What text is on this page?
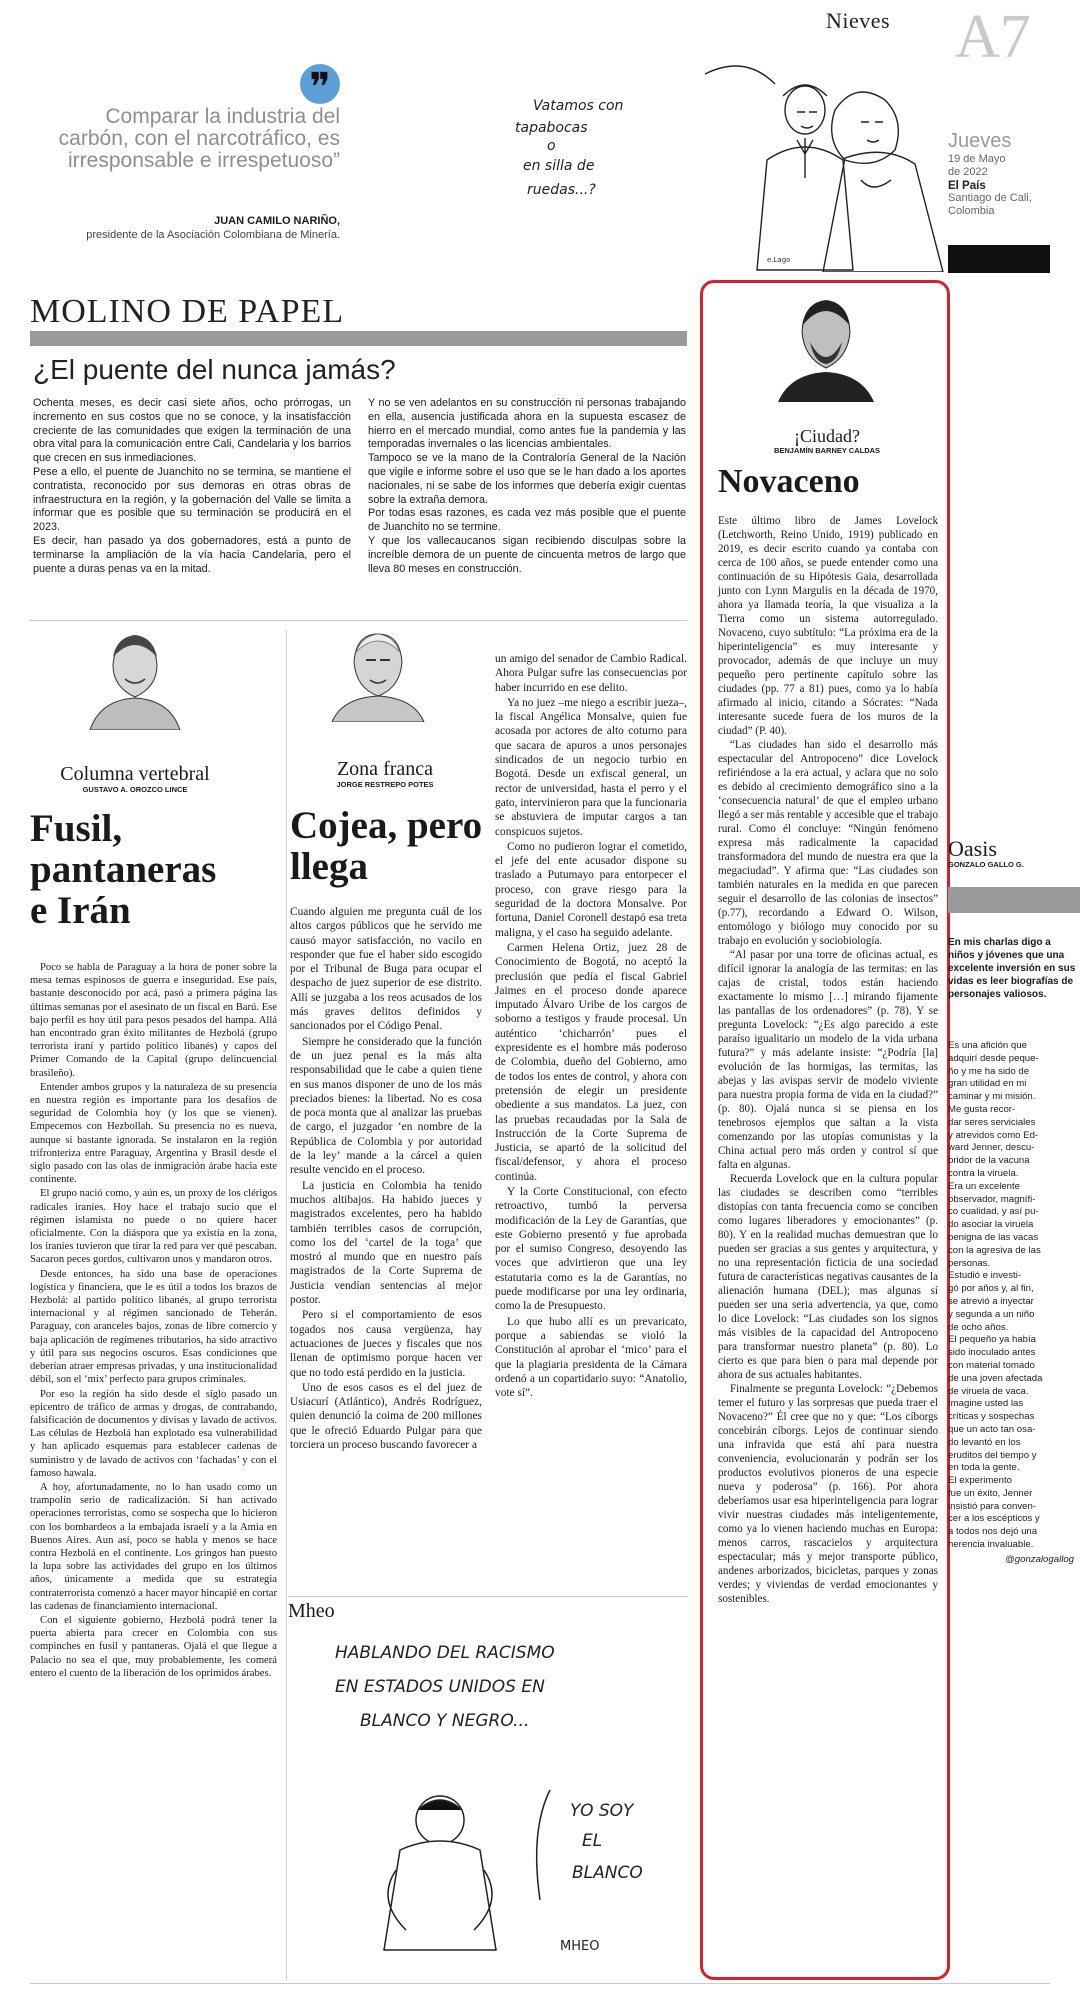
Nieves A7
Jueves
19 de Mayo
de 2022
El País
Santiago de Cali,
Colombia
❞
Comparar la industria del carbón, con el narcotráfico, es irresponsable e irrespetuoso”
JUAN CAMILO NARIÑO,
presidente de la Asociación Colombiana de Minería.
Vatamos con
tapabocas
o
en silla de
ruedas...?
e.Lago
MOLINO DE PAPEL
¿El puente del nunca jamás?

Ochenta meses, es decir casi siete años, ocho prórrogas, un incremento en sus costos que no se conoce, y la insatisfacción creciente de las comunidades que exigen la terminación de una obra vital para la comunicación entre Cali, Candelaria y los barrios que crecen en sus inmediaciones.

Pese a ello, el puente de Juanchito no se termina, se mantiene el contratista, reconocido por sus demoras en otras obras de infraestructura en la región, y la gobernación del Valle se limita a informar que es posible que su terminación se producirá en el 2023.

Es decir, han pasado ya dos gobernadores, está a punto de terminarse la ampliación de la vía hacia Candelaria, pero el puente a duras penas va en la mitad.

Y no se ven adelantos en su construcción ni personas trabajando en ella, ausencia justificada ahora en la supuesta escasez de hierro en el mercado mundial, como antes fue la pandemia y las temporadas invernales o las licencias ambientales.

Tampoco se ve la mano de la Contraloría General de la Nación que vigile e informe sobre el uso que se le han dado a los aportes nacionales, ni se sabe de los informes que debería exigir cuentas sobre la extraña demora.

Por todas esas razones, es cada vez más posible que el puente de Juanchito no se termine.

Y que los vallecaucanos sigan recibiendo disculpas sobre la increíble demora de un puente de cincuenta metros de largo que lleva 80 meses en construcción.

Columna vertebral
GUSTAVO A. OROZCO LINCE
Fusil, pantaneras e Irán

Poco se habla de Paraguay a la hora de poner sobre la mesa temas espinosos de guerra e inseguridad. Ese país, bastante desconocido por acá, pasó a primera página las últimas semanas por el asesinato de un fiscal en Barú. Ese bajo perfil es hoy útil para pesos pesados del hampa. Allá han encontrado gran éxito militantes de Hezbolá (grupo terrorista iraní y partido político libanés) y capos del Primer Comando de la Capital (grupo delincuencial brasileño).

Entender ambos grupos y la naturaleza de su presencia en nuestra región es importante para los desafíos de seguridad de Colombia hoy (y los que se vienen). Empecemos con Hezbollah. Su presencia no es nueva, aunque sí bastante ignorada. Se instalaron en la región trifronteriza entre Paraguay, Argentina y Brasil desde el siglo pasado con las olas de inmigración árabe hacia este continente.

El grupo nació como, y aún es, un proxy de los clérigos radicales iraníes. Hoy hace el trabajo sucio que el régimen islamista no puede o no quiere hacer oficialmente. Con la diáspora que ya existía en la zona, los iraníes tuvieron que tirar la red para ver qué pescaban. Sacaron peces gordos, cultivaron unos y mandaron otros.

Desde entonces, ha sido una base de operaciones logística y financiera, que le es útil a todos los brazos de Hezbolá: al partido político libanés, al grupo terrorista internacional y al régimen sancionado de Teherán. Paraguay, con aranceles bajos, zonas de libre comercio y baja aplicación de regímenes tributarios, ha sido atractivo y útil para sus negocios oscuros. Esas condiciones que deberían atraer empresas privadas, y una institucionalidad débil, son el ‘mix’ perfecto para grupos criminales.

Por eso la región ha sido desde el siglo pasado un epicentro de tráfico de armas y drogas, de contrabando, falsificación de documentos y divisas y lavado de activos. Las células de Hezbolá han explotado esa vulnerabilidad y han aplicado esquemas para establecer cadenas de suministro y de lavado de activos con ‘fachadas’ y con el famoso hawala.

A hoy, afortunadamente, no lo han usado como un trampolín serio de radicalización. Si han activado operaciones terroristas, como se sospecha que lo hicieron con los bombardeos a la embajada israelí y a la Amia en Buenos Aires. Aun así, poco se habla y menos se hace contra Hezbolá en el continente. Los gringos han puesto la lupa sobre las actividades del grupo en los últimos años, únicamente a medida que su estrategia contraterrorista comenzó a hacer mayor hincapié en cortar las cadenas de financiamiento internacional.

Con el siguiente gobierno, Hezbolá podrá tener la puerta abierta para crecer en Colombia con sus compinches en fusil y pantaneras. Ojalá el que llegue a Palacio no sea el que, muy probablemente, les comerá entero el cuento de la liberación de los oprimidos árabes.

Zona franca
JORGE RESTREPO POTES
Cojea, pero llega

Cuando alguien me pregunta cuál de los altos cargos públicos que he servido me causó mayor satisfacción, no vacilo en responder que fue el haber sido escogido por el Tribunal de Buga para ocupar el despacho de juez superior de ese distrito. Allí se juzgaba a los reos acusados de los más graves delitos definidos y sancionados por el Código Penal.

Siempre he considerado que la función de un juez penal es la más alta responsabilidad que le cabe a quien tiene en sus manos disponer de uno de los más preciados bienes: la libertad. No es cosa de poca monta que al analizar las pruebas de cargo, el juzgador ‘en nombre de la República de Colombia y por autoridad de la ley’ mande a la cárcel a quien resulte vencido en el proceso.

La justicia en Colombia ha tenido muchos altibajos. Ha habido jueces y magistrados excelentes, pero ha habido también terribles casos de corrupción, como los del ‘cartel de la toga’ que mostró al mundo que en nuestro país magistrados de la Corte Suprema de Justicia vendían sentencias al mejor postor.

Pero si el comportamiento de esos togados nos causa vergüenza, hay actuaciones de jueces y fiscales que nos llenan de optimismo porque hacen ver que no todo está perdido en la justicia.

Uno de esos casos es el del juez de Usiacurí (Atlántico), Andrés Rodríguez, quien denunció la coima de 200 millones que le ofreció Eduardo Pulgar para que torciera un proceso buscando favorecer a

un amigo del senador de Cambio Radical. Ahora Pulgar sufre las consecuencias por haber incurrido en ese delito.

Ya no juez –me niego a escribir jueza–, la fiscal Angélica Monsalve, quien fue acosada por actores de alto coturno para que sacara de apuros a unos personajes sindicados de un negocio turbio en Bogotá. Desde un exfiscal general, un rector de universidad, hasta el perro y el gato, intervinieron para que la funcionaria se abstuviera de imputar cargos a tan conspicuos sujetos.

Como no pudieron lograr el cometido, el jefe del ente acusador dispone su traslado a Putumayo para entorpecer el proceso, con grave riesgo para la seguridad de la doctora Monsalve. Por fortuna, Daniel Coronell destapó esa treta maligna, y el caso ha seguido adelante.

Carmen Helena Ortiz, juez 28 de Conocimiento de Bogotá, no aceptó la preclusión que pedía el fiscal Gabriel Jaimes en el proceso donde aparece imputado Álvaro Uribe de los cargos de soborno a testigos y fraude procesal. Un auténtico ‘chicharrón’ pues el expresidente es el hombre más poderoso de Colombia, dueño del Gobierno, amo de todos los entes de control, y ahora con pretensión de elegir un presidente obediente a sus mandatos. La juez, con las pruebas recaudadas por la Sala de Instrucción de la Corte Suprema de Justicia, se apartó de la solicitud del fiscal/defensor, y ahora el proceso continúa.

Y la Corte Constitucional, con efecto retroactivo, tumbó la perversa modificación de la Ley de Garantías, que este Gobierno presentó y fue aprobada por el sumiso Congreso, desoyendo las voces que advirtieron que una ley estatutaria como es la de Garantías, no puede modificarse por una ley ordinaria, como la de Presupuesto.

Lo que hubo allí es un prevaricato, porque a sabiendas se violó la Constitución al aprobar el ‘mico’ para el que la plagiaria presidenta de la Cámara ordenó a un copartidario suyo: “Anatolio, vote sí”.

Mheo
HABLANDO DEL RACISMO
EN ESTADOS UNIDOS EN
BLANCO Y NEGRO...
YO SOY
EL
BLANCO
MHEO
¡Ciudad?
BENJAMÍN BARNEY CALDAS
Novaceno

Este último libro de James Lovelock (Letchworth, Reino Unido, 1919) publicado en 2019, es decir escrito cuando ya contaba con cerca de 100 años, se puede entender como una continuación de su Hipótesis Gaia, desarrollada junto con Lynn Margulis en la década de 1970, ahora ya llamada teoría, la que visualiza a la Tierra como un sistema autorregulado. Novaceno, cuyo subtítulo: “La próxima era de la hiperinteligencia” es muy interesante y provocador, además de que incluye un muy pequeño pero pertinente capítulo sobre las ciudades (pp. 77 a 81) pues, como ya lo había afirmado al inicio, citando a Sócrates: “Nada interesante sucede fuera de los muros de la ciudad” (P. 40).

“Las ciudades han sido el desarrollo más espectacular del Antropoceno” dice Lovelock refiriéndose a la era actual, y aclara que no solo es debido al crecimiento demográfico sino a la ‘consecuencia natural’ de que el empleo urbano llegó a ser más rentable y accesible que el trabajo rural. Como él concluye: “Ningún fenómeno expresa más radicalmente la capacidad transformadora del mundo de nuestra era que la megaciudad”. Y afirma que: “Las ciudades son también naturales en la medida en que parecen seguir el desarrollo de las colonias de insectos” (p.77), recordando a Edward O. Wilson, entomólogo y biólogo muy conocido por su trabajo en evolución y sociobiología.

“Al pasar por una torre de oficinas actual, es difícil ignorar la analogía de las termitas: en las cajas de cristal, todos están haciendo exactamente lo mismo […] mirando fijamente las pantallas de los ordenadores” (p. 78). Y se pregunta Lovelock: “¿Es algo parecido a este paraíso igualitario un modelo de la vida urbana futura?” y más adelante insiste: “¿Podría [la] evolución de las hormigas, las termitas, las abejas y las avispas servir de modelo viviente para nuestra propia forma de vida en la ciudad?” (p. 80). Ojalá nunca si se piensa en los tenebrosos ejemplos que saltan a la vista comenzando por las utopías comunistas y la China actual pero más orden y control sí que falta en algunas.

Recuerda Lovelock que en la cultura popular las ciudades se describen como “terribles distopías con tanta frecuencia como se conciben como lugares liberadores y emocionantes” (p. 80). Y en la realidad muchas demuestran que lo pueden ser gracias a sus gentes y arquitectura, y no una representación ficticia de una sociedad futura de características negativas causantes de la alienación humana (DEL); mas algunas sí pueden ser una seria advertencia, ya que, como lo dice Lovelock: “Las ciudades son los signos más visibles de la capacidad del Antropoceno para transformar nuestro planeta” (p. 80). Lo cierto es que para bien o para mal depende por ahora de sus actuales habitantes.

Finalmente se pregunta Lovelock: “¿Debemos temer el futuro y las sorpresas que pueda traer el Novaceno?” Él cree que no y que: “Los cíborgs concebirán cíborgs. Lejos de continuar siendo una infravida que está ahí para nuestra conveniencia, evolucionarán y podrán ser los productos evolutivos pioneros de una especie nueva y poderosa” (p. 166). Por ahora deberíamos usar esa hiperinteligencia para lograr vivir nuestras ciudades más inteligentemente, como ya lo vienen haciendo muchas en Europa: menos carros, rascacielos y arquitectura espectacular; más y mejor transporte público, andenes arborizados, bicicletas, parques y zonas verdes; y viviendas de verdad emocionantes y sostenibles.

Oasis
GONZALO GALLO G.
En mis charlas digo a niños y jóvenes que una excelente inversión en sus vidas es leer biografías de personajes valiosos.
Es una afición que
adquirí desde peque-
ño y me ha sido de
gran utilidad en mi
caminar y mi misión.
Me gusta recor-
dar seres serviciales
y atrevidos como Ed-
ward Jenner, descu-
bridor de la vacuna
contra la viruela.
Era un excelente
observador, magnífi-
co cualidad, y así pu-
do asociar la viruela
benigna de las vacas
con la agresiva de las
personas.
Estudió e investi-
gó por años y, al fin,
se atrevió a inyectar
y segunda a un niño
de ocho años.
El pequeño ya había
sido inoculado antes
con material tomado
de una joven afectada
de viruela de vaca.
Imagine usted las
críticas y sospechas
que un acto tan osa-
do levantó en los
eruditos del tiempo y
en toda la gente.
El experimento
fue un éxito, Jenner
insistió para conven-
cer a los escépticos y
a todos nos dejó una
herencia invaluable.
@gonzalogallog
